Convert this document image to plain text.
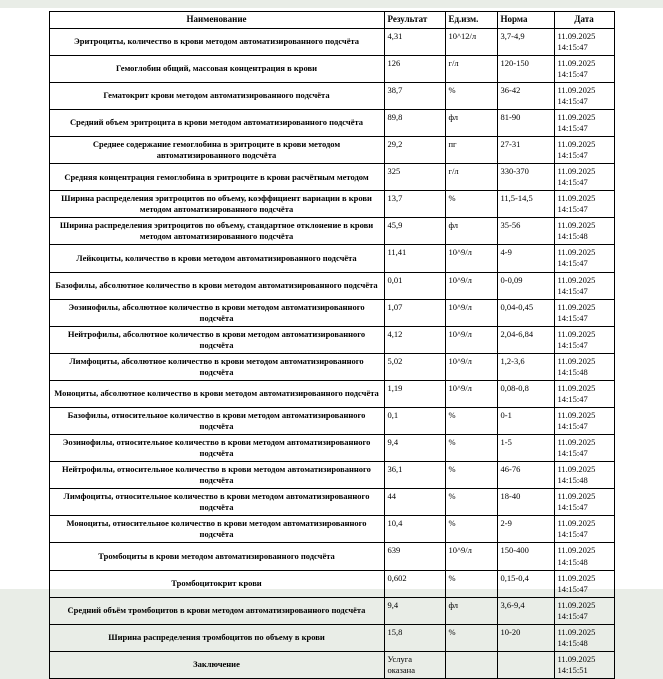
Наименование	Результат	Ед.изм.	Норма	Дата
Эритроциты, количество в крови методом автоматизированного подсчёта	4,31	10^12/л	3,7-4,9	11.09.2025 14:15:47
Гемоглобин общий, массовая концентрация в крови	126	г/л	120-150	11.09.2025 14:15:47
Гематокрит крови методом автоматизированного подсчёта	38,7	%	36-42	11.09.2025 14:15:47
Средний объем эритроцита в крови методом автоматизированного подсчёта	89,8	фл	81-90	11.09.2025 14:15:47
Среднее содержание гемоглобина в эритроците в крови методом автоматизированного подсчёта	29,2	пг	27-31	11.09.2025 14:15:47
Средняя концентрация гемоглобина в эритроците в крови расчётным методом	325	г/л	330-370	11.09.2025 14:15:47
Ширина распределения эритроцитов по объему, коэффициент вариации в крови методом автоматизированного подсчёта	13,7	%	11,5-14,5	11.09.2025 14:15:47
Ширина распределения эритроцитов по объему, стандартное отклонение в крови методом автоматизированного подсчёта	45,9	фл	35-56	11.09.2025 14:15:48
Лейкоциты, количество в крови методом автоматизированного подсчёта	11,41	10^9/л	4-9	11.09.2025 14:15:47
Базофилы, абсолютное количество в крови методом автоматизированного подсчёта	0,01	10^9/л	0-0,09	11.09.2025 14:15:47
Эозинофилы, абсолютное количество в крови методом автоматизированного подсчёта	1,07	10^9/л	0,04-0,45	11.09.2025 14:15:47
Нейтрофилы, абсолютное количество в крови методом автоматизированного подсчёта	4,12	10^9/л	2,04-6,84	11.09.2025 14:15:47
Лимфоциты, абсолютное количество в крови методом автоматизированного подсчёта	5,02	10^9/л	1,2-3,6	11.09.2025 14:15:48
Моноциты, абсолютное количество в крови методом автоматизированного подсчёта	1,19	10^9/л	0,08-0,8	11.09.2025 14:15:47
Базофилы, относительное количество в крови методом автоматизированного подсчёта	0,1	%	0-1	11.09.2025 14:15:47
Эозинофилы, относительное количество в крови методом автоматизированного подсчёта	9,4	%	1-5	11.09.2025 14:15:47
Нейтрофилы, относительное количество в крови методом автоматизированного подсчёта	36,1	%	46-76	11.09.2025 14:15:48
Лимфоциты, относительное количество в крови методом автоматизированного подсчёта	44	%	18-40	11.09.2025 14:15:47
Моноциты, относительное количество в крови методом автоматизированного подсчёта	10,4	%	2-9	11.09.2025 14:15:47
Тромбоциты в крови методом автоматизированного подсчёта	639	10^9/л	150-400	11.09.2025 14:15:48
Тромбоцитокрит крови	0,602	%	0,15-0,4	11.09.2025 14:15:47
Средний объём тромбоцитов в крови методом автоматизированного подсчёта	9,4	фл	3,6-9,4	11.09.2025 14:15:47
Ширина распределения тромбоцитов по объему в крови	15,8	%	10-20	11.09.2025 14:15:48
Заключение	Услуга оказана			11.09.2025 14:15:51
